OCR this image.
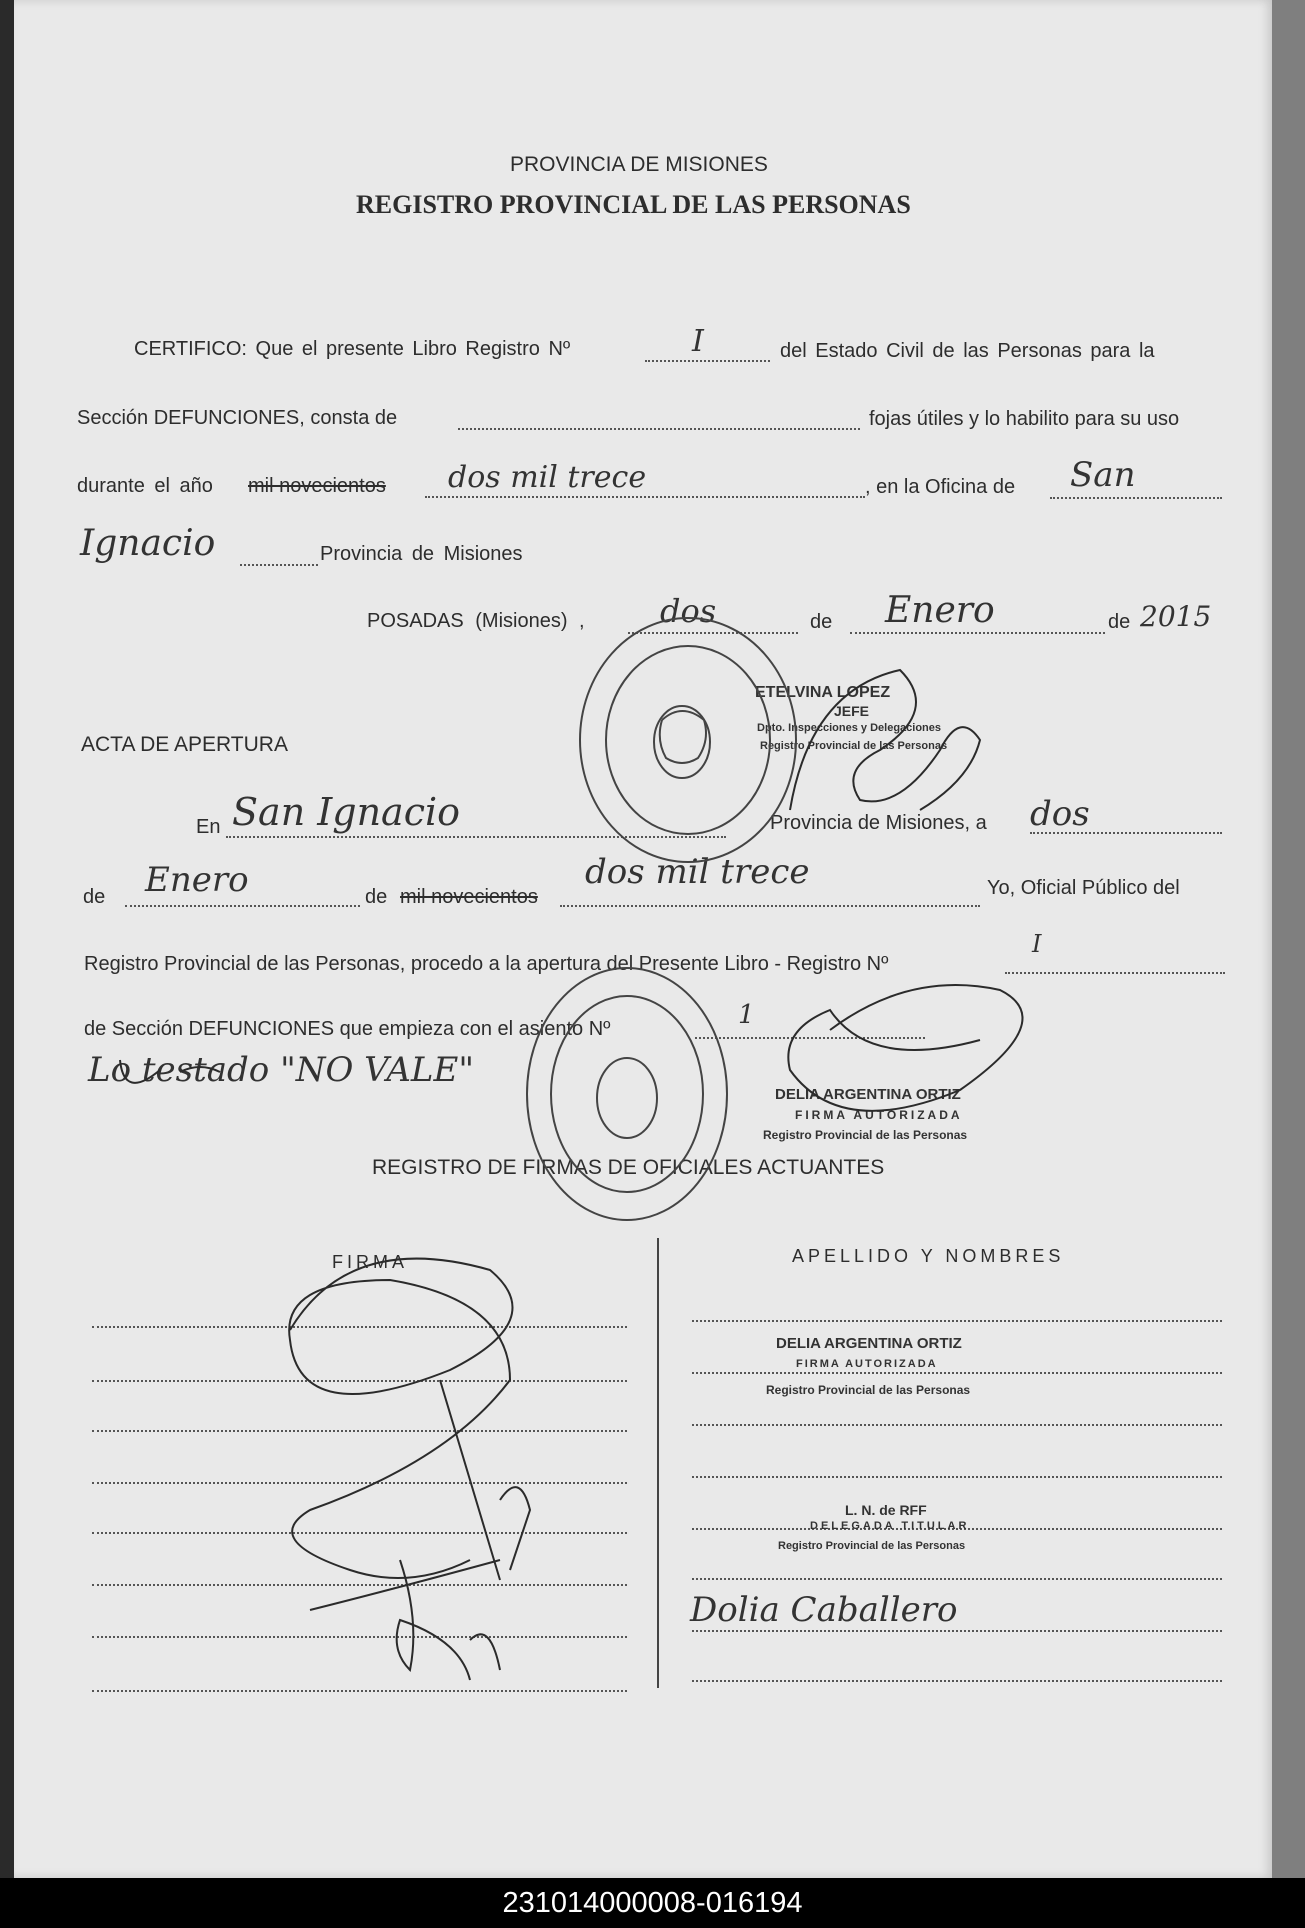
PROVINCIA DE MISIONES
REGISTRO PROVINCIAL DE LAS PERSONAS
CERTIFICO: Que el presente Libro Registro Nº	I	del Estado Civil de las Personas para la
Sección DEFUNCIONES, consta de	fojas útiles y lo habilito para su uso
durante el año mil novecientos dos mil trece	, en la Oficina de San
Ignacio	Provincia de Misiones
POSADAS (Misiones) , dos	de Enero	de 2015
ETELVINA LOPEZ
JEFE
Dpto. Inspecciones y Delegaciones
Registro Provincial de las Personas
ACTA DE APERTURA
En San Ignacio	Provincia de Misiones, a dos
de Enero	de mil novecientos
dos mil trece	Yo, Oficial Público del
Registro Provincial de las Personas, procedo a la apertura del Presente Libro - Registro Nº
I
de Sección DEFUNCIONES que empieza con el asiento Nº	1
Lo testado "NO VALE"
DELIA ARGENTINA ORTIZ
FIRMA AUTORIZADA
Registro Provincial de las Personas
REGISTRO DE FIRMAS DE OFICIALES ACTUANTES
FIRMA	APELLIDO Y NOMBRES
DELIA ARGENTINA ORTIZ
FIRMA AUTORIZADA
Registro Provincial de las Personas
L. N. de RFF
DELEGADA TITULAR
Registro Provincial de las Personas
Dolia Caballero
231014000008-016194
